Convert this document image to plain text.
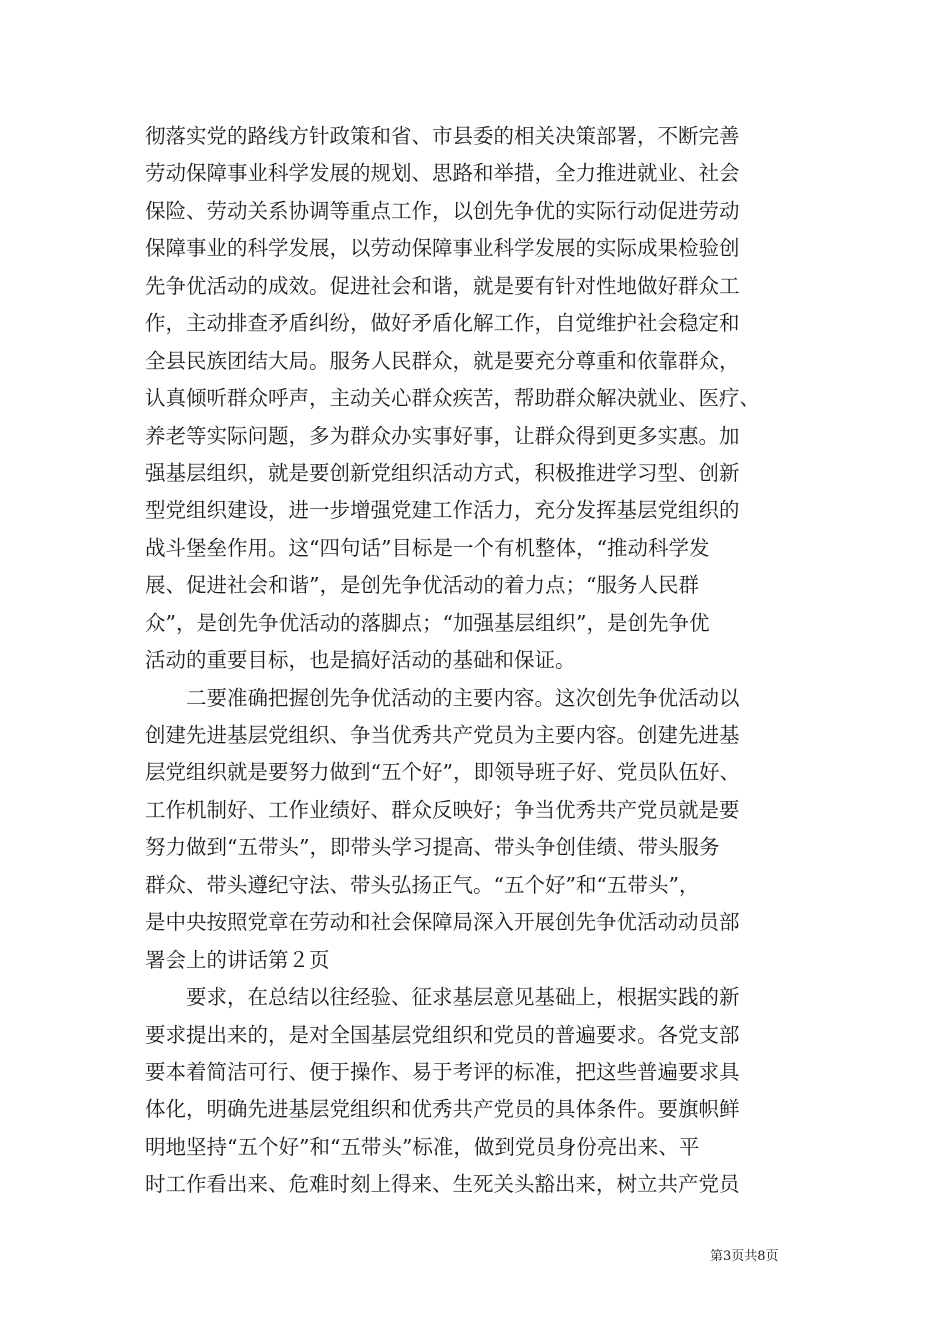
彻落实党的路线方针政策和省、市县委的相关决策部署，不断完善
劳动保障事业科学发展的规划、思路和举措，全力推进就业、社会
保险、劳动关系协调等重点工作，以创先争优的实际行动促进劳动
保障事业的科学发展，以劳动保障事业科学发展的实际成果检验创
先争优活动的成效。促进社会和谐，就是要有针对性地做好群众工
作，主动排查矛盾纠纷，做好矛盾化解工作，自觉维护社会稳定和
全县民族团结大局。服务人民群众，就是要充分尊重和依靠群众，
认真倾听群众呼声，主动关心群众疾苦，帮助群众解决就业、医疗、
养老等实际问题，多为群众办实事好事，让群众得到更多实惠。加
强基层组织，就是要创新党组织活动方式，积极推进学习型、创新
型党组织建设，进一步增强党建工作活力，充分发挥基层党组织的
战斗堡垒作用。这“四句话”目标是一个有机整体，“推动科学发
展、促进社会和谐”，是创先争优活动的着力点；“服务人民群
众”，是创先争优活动的落脚点；“加强基层组织”，是创先争优
活动的重要目标，也是搞好活动的基础和保证。
二要准确把握创先争优活动的主要内容。这次创先争优活动以
创建先进基层党组织、争当优秀共产党员为主要内容。创建先进基
层党组织就是要努力做到“五个好”，即领导班子好、党员队伍好、
工作机制好、工作业绩好、群众反映好；争当优秀共产党员就是要
努力做到“五带头”，即带头学习提高、带头争创佳绩、带头服务
群众、带头遵纪守法、带头弘扬正气。“五个好”和“五带头”，
是中央按照党章在劳动和社会保障局深入开展创先争优活动动员部
署会上的讲话第２页
要求，在总结以往经验、征求基层意见基础上，根据实践的新
要求提出来的，是对全国基层党组织和党员的普遍要求。各党支部
要本着简洁可行、便于操作、易于考评的标准，把这些普遍要求具
体化，明确先进基层党组织和优秀共产党员的具体条件。要旗帜鲜
明地坚持“五个好”和“五带头”标准，做到党员身份亮出来、平
时工作看出来、危难时刻上得来、生死关头豁出来，树立共产党员
第3页共8页
